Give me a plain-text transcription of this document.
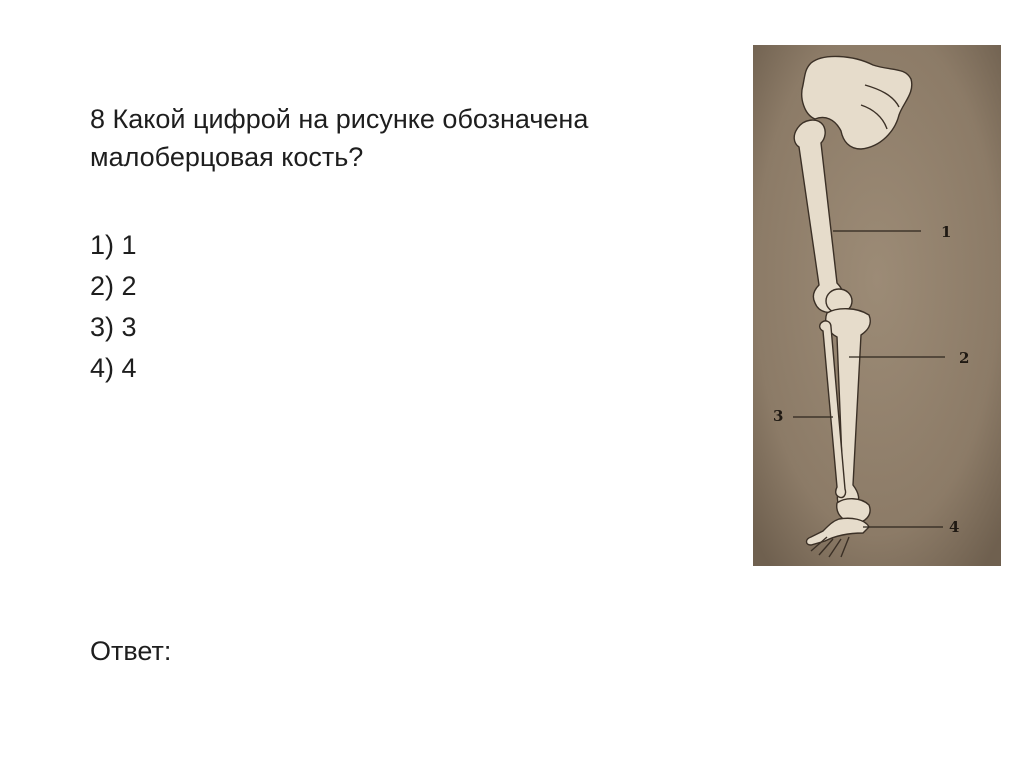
8 Какой цифрой на рисунке обозначена

малоберцовая кость?

1) 1
2) 2
3) 3
4) 4
Ответ:
1
2
3
4
